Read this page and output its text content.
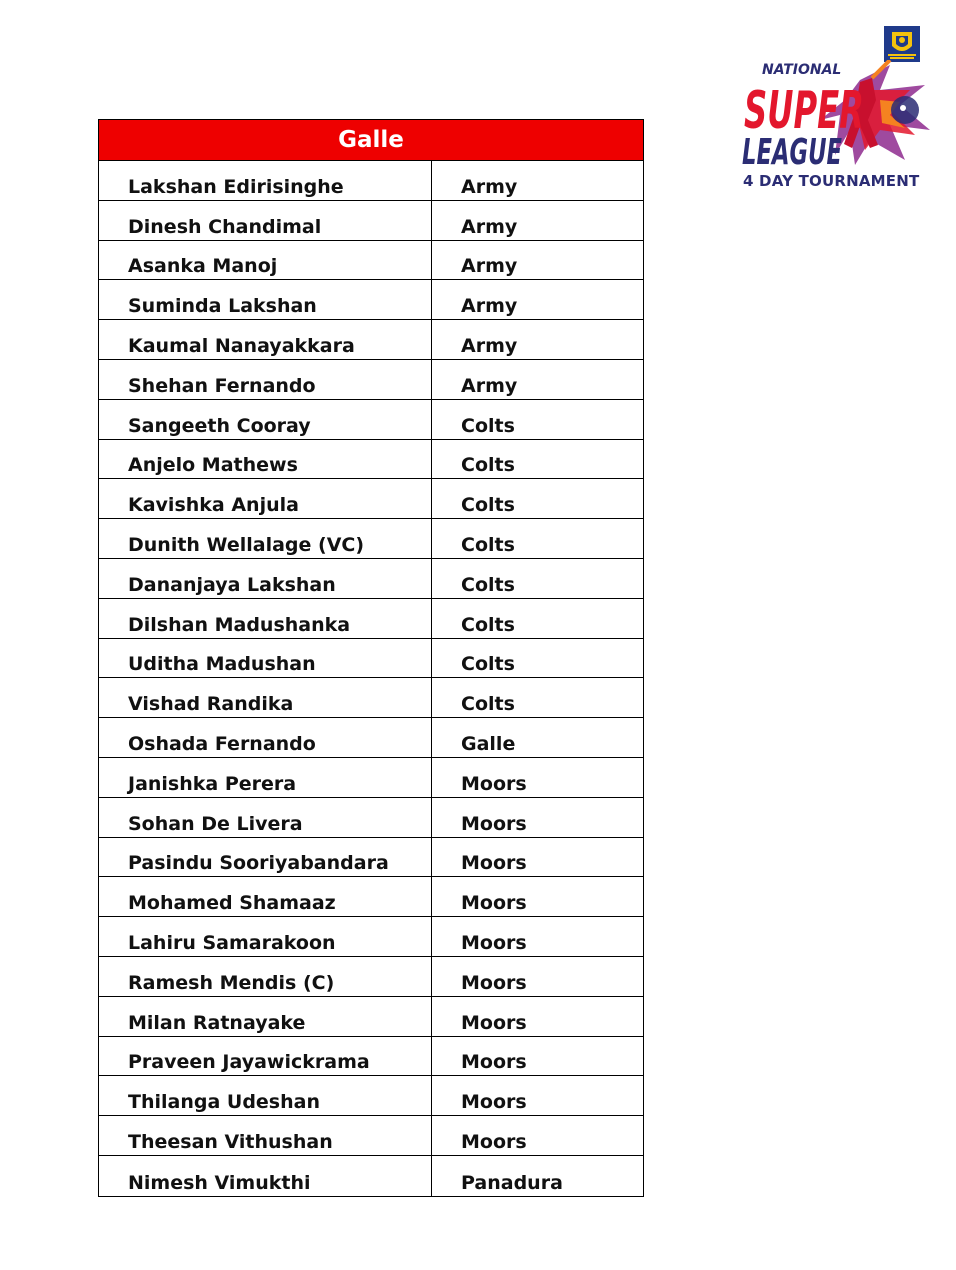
NATIONAL
SUPER
LEAGUE
4 DAY TOURNAMENT
Galle
Lakshan Edirisinghe	Army
Dinesh Chandimal	Army
Asanka Manoj	Army
Suminda Lakshan	Army
Kaumal Nanayakkara	Army
Shehan Fernando	Army
Sangeeth Cooray	Colts
Anjelo Mathews	Colts
Kavishka Anjula	Colts
Dunith Wellalage (VC)	Colts
Dananjaya Lakshan	Colts
Dilshan Madushanka	Colts
Uditha Madushan	Colts
Vishad Randika	Colts
Oshada Fernando	Galle
Janishka Perera	Moors
Sohan De Livera	Moors
Pasindu Sooriyabandara	Moors
Mohamed Shamaaz	Moors
Lahiru Samarakoon	Moors
Ramesh Mendis (C)	Moors
Milan Ratnayake	Moors
Praveen Jayawickrama	Moors
Thilanga Udeshan	Moors
Theesan Vithushan	Moors
Nimesh Vimukthi	Panadura
